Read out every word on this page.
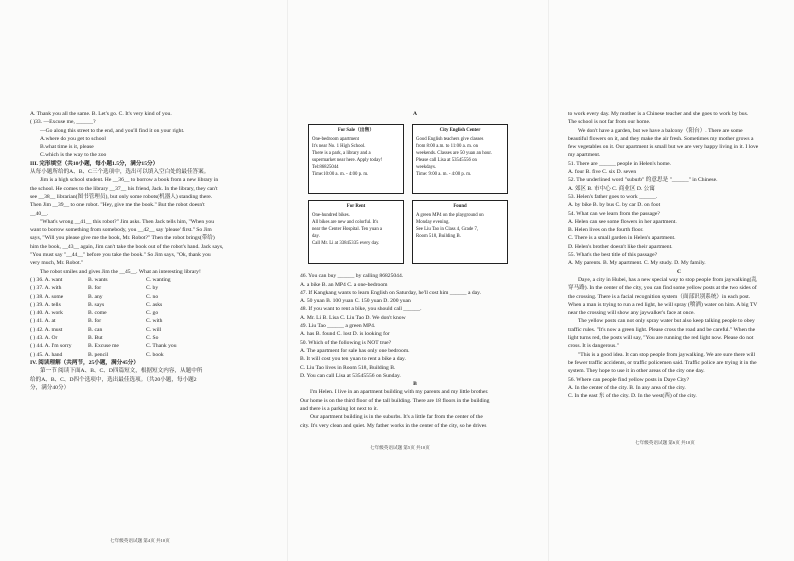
A. Thank you all the same. B. Let's go. C. It's very kind of you.
( )33. —Excuse me, ______?
—Go along this street to the end, and you'll find it on your right.
A.where do you get to school
B.what time is it, please
C.which is the way to the zoo
III. 完形填空（共10小题，每小题1.5分，满分15分）
从每小题所给的A、B、C三个选项中，选出可以填入空白处的最佳答案。
Jim is a high school student. He __36__ to borrow a book from a new library in
the school. He comes to the library __37__ his friend, Jack. In the library, they can't
see __38__ librarian(图书管理员), but only some robots(机器人) standing there.
Then Jim __39__ to one robot. "Hey, give me the book." But the robot doesn't
__40__.
"What's wrong __41__ this robot?" Jim asks. Then Jack tells him, "When you
want to borrow something from somebody, you __42__ say 'please' first." So Jim
says, "Will you please give me the book, Mr. Robot?" Then the robot brings(带给)
him the book, __43__ again, Jim can't take the book out of the robot's hand. Jack says,
"You must say "__44__" before you take the book." So Jim says, "Ok, thank you
very much, Mr. Robot."
The robot smiles and gives Jim the __45__. What an interesting library!
( ) 36. A. want	B. wants	C. wanting
( ) 37. A. with	B. for	C. by
( ) 38. A. some	B. any	C. no
( ) 39. A. tells	B. says	C. asks
( ) 40. A. work	B. come	C. go
( ) 41. A. at	B. for	C. with
( ) 42. A. must	B. can	C. will
( ) 43. A. Or	B. But	C. So
( ) 44. A. I'm sorry	B. Excuse me	C. Thank you
( ) 45. A. hand	B. pencil	C. book
IV. 阅读理解（共两节，25小题，满分45分）
第一节 阅读下面A、B、C、D四篇短文，根据短文内容，从题中所
给的A、B、C、D四个选项中，选出最佳选项。（共20小题，每小题2
分，满分40分）
七年级英语试题 第4页 共10页
A
For Sale（出售）
One-bedroom apartment
It's near No. 1 High School.
There is a park, a library and a
supermarket near here. Apply today!
Tel:86825044
Time:10:00 a. m. - 4:00 p. m.
City English Center
Good English teachers give classes
from 8:00 a.m. to 11:00 a. m. on
weekends. Classes are 50 yuan an hour.
Please call Lisa at 53545556 on
weekdays.
Time: 9:00 a. m. - 4:00 p. m.
For Rent
One-hundred bikes.
All bikes are new and colorful. It's
near the Center Hospital. Ten yuan a
day.
Call Mr. Li at 33845335 every day.
Found
A green MP4 on the playground on
Monday evening.
See Liu Tao in Class 4, Grade 7,
Room 518, Building B.
46. You can buy ______ by calling 86825044.
A. a bike B. an MP4 C. a one-bedroom
47. If Kangkang wants to learn English on Saturday, he'll cost him ______ a day.
A. 50 yuan B. 100 yuan C. 150 yuan D. 200 yuan
48. If you want to rent a bike, you should call ______.
A. Mr. Li B. Lisa C. Liu Tao D. We don't know
49. Liu Tao ______ a green MP4.
A. has B. found C. lost D. is looking for
50. Which of the following is NOT true?
A. The apartment for sale has only one bedroom.
B. It will cost you ten yuan to rent a bike a day.
C. Liu Tao lives in Room 518, Building B.
D. You can call Lisa at 53545556 on Sunday.
B
I'm Helen. I live in an apartment building with my parents and my little brother.
Our home is on the third floor of the tall building. There are 18 floors in the building
and there is a parking lot next to it.
Our apartment building is in the suburbs. It's a little far from the center of the
city. It's very clean and quiet. My father works in the center of the city, so he drives
七年级英语试题 第5页 共10页
to work every day. My mother is a Chinese teacher and she goes to work by bus.
The school is not far from our home.
We don't have a garden, but we have a balcony（阳台）. There are some
beautiful flowers on it, and they make the air fresh. Sometimes my mother grows a
few vegetables on it. Our apartment is small but we are very happy living in it. I love
my apartment.
51. There are ______ people in Helen's home.
A. four B. five C. six D. seven
52. The underlined word "suburb" 的意思是 "______" in Chinese.
A. 郊区 B. 市中心 C. 商业区 D. 公寓
53. Helen's father goes to work ______.
A. by bike B. by bus C. by car D. on foot
54. What can we learn from the passage?
A. Helen can see some flowers in her apartment.
B. Helen lives on the fourth floor.
C. There is a small garden in Helen's apartment.
D. Helen's brother doesn't like their apartment.
55. What's the best title of this passage?
A. My parents. B. My apartment. C. My study. D. My family.
C
Daye, a city in Hubei, has a new special way to stop people from jaywalking(乱
穿马路). In the center of the city, you can find some yellow posts at the two sides of
the crossing. There is a facial recognition system（面部识别系统）in each post.
When a man is trying to run a red light, he will spray (喷洒) water on him. A big TV
near the crossing will show any jaywalker's face at once.
The yellow posts can not only spray water but also keep talking people to obey
traffic rules. "It's now a green light. Please cross the road and be careful." When the
light turns red, the posts will say, "You are running the red light now. Please do not
cross. It is dangerous."
"This is a good idea. It can stop people from jaywalking. We are sure there will
be fewer traffic accidents, or traffic policemen said. Traffic police are trying it in the
system. They hope to use it in other areas of the city one day.
56. Where can people find yellow posts in Daye City?
A. In the center of the city. B. In any area of the city.
C. In the east 东 of the city. D. In the west(西) of the city.
七年级英语试题 第6页 共10页
